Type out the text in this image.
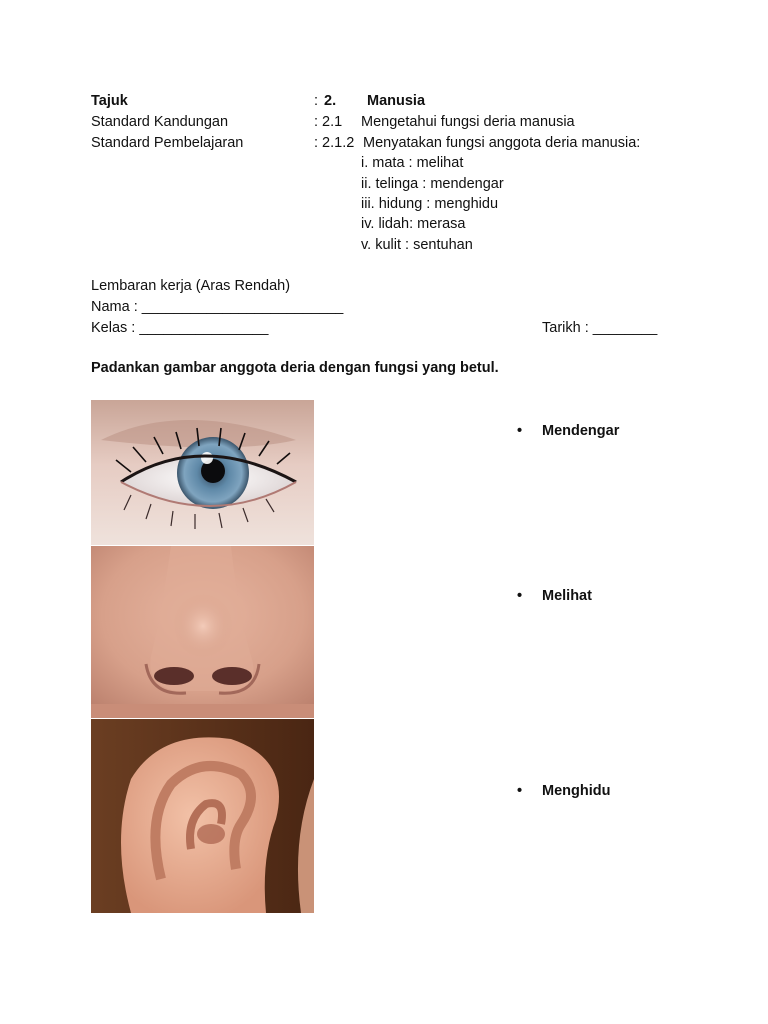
Tajuk	: 2. Manusia
Standard Kandungan	: 2.1 Mengetahui fungsi deria manusia
Standard Pembelajaran	: 2.1.2 Menyatakan fungsi anggota deria manusia:
i. mata : melihat
ii. telinga : mendengar
iii. hidung : menghidu
iv. lidah: merasa
v. kulit : sentuhan
Lembaran kerja (Aras Rendah)
Nama : _________________________
Kelas : ________________	Tarikh : ________
Padankan gambar anggota deria dengan fungsi yang betul.
• Mendengar
• Melihat
• Menghidu
